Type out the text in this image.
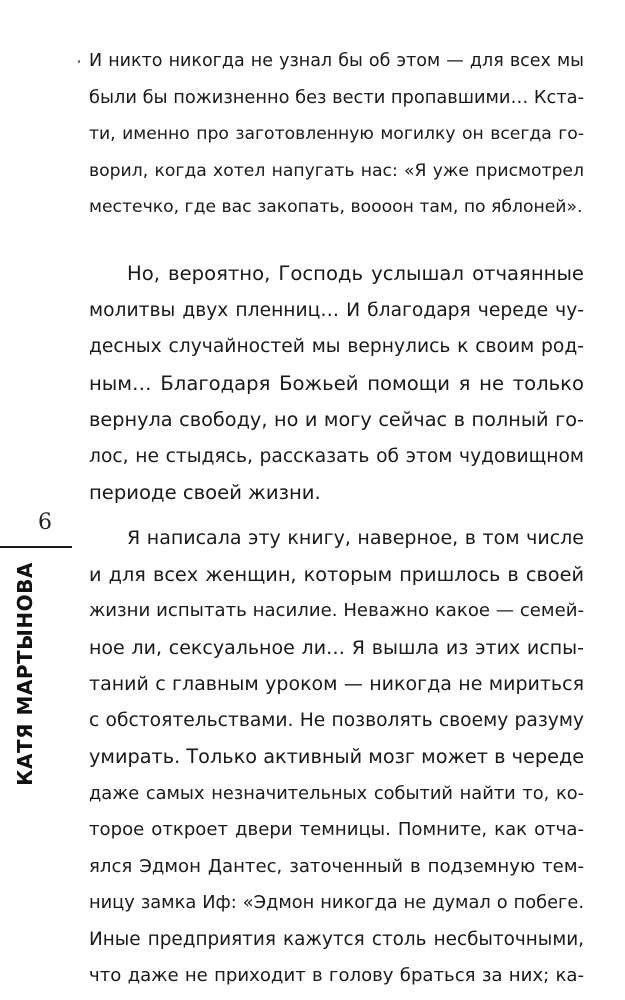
И никто никогда не узнал бы об этом — для всех мы
были бы пожизненно без вести пропавшими… Кста-
ти, именно про заготовленную могилку он всегда го-
ворил, когда хотел напугать нас: «Я уже присмотрел
местечко, где вас закопать, воооон там, по яблоней».
Но, вероятно, Господь услышал отчаянные
молитвы двух пленниц… И благодаря череде чу-
десных случайностей мы вернулись к своим род-
ным… Благодаря Божьей помощи я не только
вернула свободу, но и могу сейчас в полный го-
лос, не стыдясь, рассказать об этом чудовищном
периоде своей жизни.
Я написала эту книгу, наверное, в том числе
и для всех женщин, которым пришлось в своей
жизни испытать насилие. Неважно какое — семей-
ное ли, сексуальное ли… Я вышла из этих испы-
таний с главным уроком — никогда не мириться
с обстоятельствами. Не позволять своему разуму
умирать. Только активный мозг может в череде
даже самых незначительных событий найти то, ко-
торое откроет двери темницы. Помните, как отча-
ялся Эдмон Дантес, заточенный в подземную тем-
ницу замка Иф: «Эдмон никогда не думал о побеге.
Иные предприятия кажутся столь несбыточными,
что даже не приходит в голову браться за них; ка-
6
КАТЯ МАРТЫНОВА
